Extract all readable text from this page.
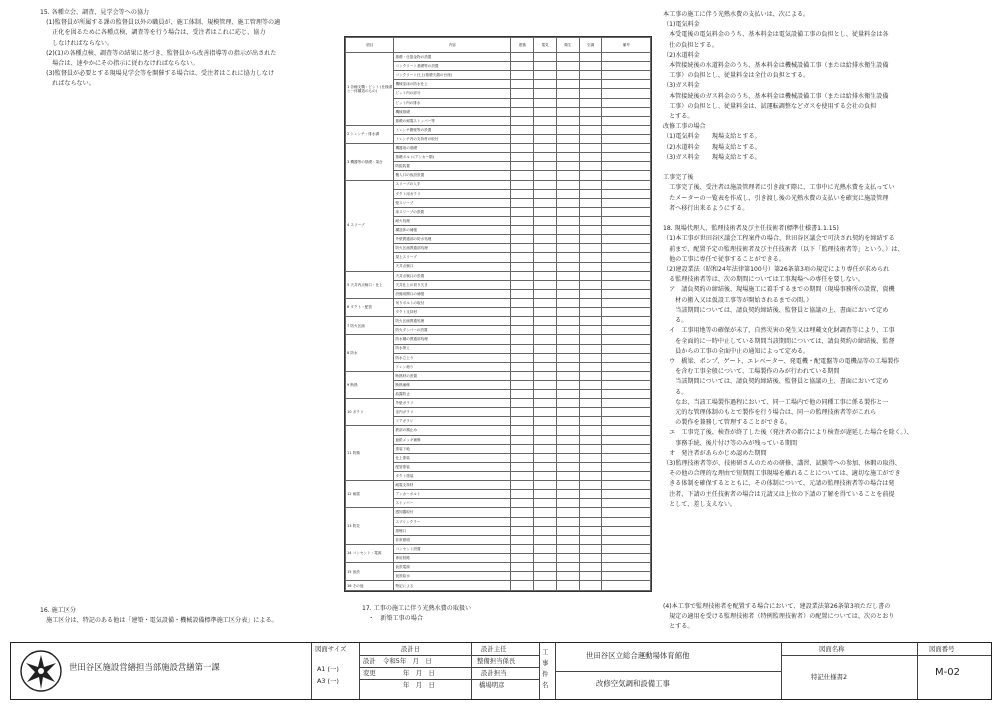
15. 各種立会、調査、見学会等への協力
　(1)監督員が所属する課の監督員以外の職員が、施工体制、規模管理、施工管理等の適
　　正化を図るために各種点検、調査等を行う場合は、受注者はこれに応じ、協力
　　しなければならない。
　(2)(1)の各種点検、調査等の結果に基づき、監督員から改善指導等の指示が出された
　　場合は、速やかにその指示に従わなければならない。
　(3)監督員が必要とする現場見学会等を開催する場合は、受注者はこれに協力しなけ
　　ればならない。
16. 施工区分
　施工区分は、特記のある他は「建築・電気設備・機械設備標準施工区分表」による。
項目	内容	建築	電気	衛生	空調	備考
1 各種支機・ピット (仕様書と一体構造のもの)	基礎・仕掛金物の設置					
	コンクリート基礎等の設置					
	コンクリート仕上(基礎天端の台座)					
	機械室床の防水仕上					
	ピット内の部分					
	ピット内の排水					
	機械基礎					
	基礎の耐震ストッパー等					
2 トレンチ・排水溝	トレンチ側壁等の設置					
	トレンチ内の支持材の取付					
3 機器等の基礎・架台	機器用の基礎					
	基礎ボルト(アンカー類)					
	防振装置					
	搬入口の仮設設置					
4 スリーブ	スリーブの入手					
	ダクト用ガラリ					
	壁スリーブ					
	床スリーブの設置					
	耐火処理					
	構造体の補強					
	外壁貫通部の防水処理					
	防火区画貫通部処理					
	屋上スリーブ					
	天井点検口					
5 天井内点検口・仕上	天井点検口の設置					
	天井仕上の切り欠き					
	設備用開口の補強					
6 ダクト・配管	吊りボルトの取付					
	ダクト支持材					
7 防火区画	防火区画貫通処理					
	防火ダンパーの設置					
8 防水	防水層の貫通部処理					
	防水押え					
	防水立上り					
	ドレン廻り					
9 断熱	断熱材の設置					
	断熱補修					
	結露防止					
10 ガラリ	外壁ガラリ					
	室内ガラリ					
	ドアガラリ					
11 防錆	鉄部の錆止め					
	亜鉛メッキ補修					
	塗装下地					
	仕上塗装					
	配管塗装					
	ダクト塗装					
12 耐震	耐震支持材					
	アンカーボルト					
	ストッパー					
13 防災	感知器取付					
	スプリンクラー					
	排煙口					
	非常照明					
14 コンセント・電源	コンセント設置					
	専用回路					
15 仮設	仮設電源					
	仮設給水					
16 その他	特記による					
17. 工事の施工に伴う光熱水費の取扱い
　・　新築工事の場合
本工事の施工に伴う光熱水費の支払いは、次による。
（1)電気料金
　本受電後の電気料金のうち、基本料金は電気設備工事の負担とし、従量料金は各
　仕の負担とする。
（2)水道料金
　本管接続後の水道料金のうち、基本料金は機械設備工事（または給排水衛生設備
　工事）の負担とし、従量料金は全仕の負担とする。
（3)ガス料金
　本管接続後のガス料金のうち、基本料金は機械設備工事（または給排水衛生設備
　工事）の負担とし、従量料金は、試運転調整などガスを使用する会社の負担
　とする。
改修工事の場合
（1)電気料金　　現場支給とする。
（2)水道料金　　現場支給とする。
（3)ガス料金　　現場支給とする。

工事完了後
　工事完了後、受注者は施設管理者に引き渡す際に、工事中に光熱水費を支払ってい
　たメーターの一覧表を作成し、引き渡し後の光熱水費の支払いを確実に施設管理
　者へ移行出来るようにする。

18. 現場代理人、監理技術者及び主任技術者(標準仕様書1.1.15)
（1)本工事が世田谷区議会工程案件の場合、世田谷区議会で可決され契約を締結する
　前まで、配置予定の監理技術者及び主任技術者（以下「監理技術者等」という。）は、
　他の工事に専任で従事することができる。
（2)建設業法（昭和24年法律第100号）第26条第3項の規定により専任が求められ
　る監理技術者等は、次の期間については工事現場への専任を要しない。
　ア　請負契約の締結後、現場施工に着手するまでの期間（現場事務所の設置、資機
　　材の搬入又は仮設工事等が開始されるまでの間。）
　　当該期間については、請負契約締結後、監督員と協議の上、書面において定め
　　る。
　イ　工事用地等の確保が未了、自然災害の発生又は埋蔵文化財調査等により、工事
　　を全面的に一時中止している期間当該期間については、請負契約の締結後、監督
　　員からの工事の全面中止の通知によって定める。
　ウ　橋梁、ポンプ、ゲート、エレベーター、発電機・配電盤等の電機品等の工場製作
　　を含む工事全般について、工場製作のみが行われている期間
　　当該期間については、請負契約締結後、監督員と協議の上、書面において定め
　　る。
　　なお、当該工場製作過程において、同一工場内で他の同種工事に係る製作と一
　　元的な管理体制のもとで製作を行う場合は、同一の監理技術者等がこれら
　　の製作を兼務して管理することができる。
　エ　工事完了後、検査が終了した後（発注者の都合により検査が遅延した場合を除く。）、
　　事務手続、後片付け等のみが残っている期間
　オ　発注者があらかじめ認めた期間
（3)監理技術者等が、技術研さんのための研修、講習、試験等への参加、休暇の取得、
　その他の合理的な理由で短期間工事現場を離れることについては、適切な施工ができ
　きる体制を確保するとともに、その体制について、元請の監理技術者等の場合は発
　注者、下請の主任技術者の場合は元請又は上位の下請の了解を得ていることを前提
　として、差し支えない。
(4)本工事で監理技術者を配置する場合において、建設業法第26条第3項ただし書の
　規定の適用を受ける監理技術者（特例監理技術者）の配置については、次のとおり
　とする。
世田谷区施設営繕担当部施設営繕第一課
図面サイズ
A1 (一)
A3 (一)
設計日
設計 令和5年　月　日
変更	年　月　日
年　月　日
設計主任
整備担当係長
設計担当
橋場明彦
工事件名
世田谷区立総合運動場体育館他
改修空気調和設備工事
図面名称
特記仕様書2
図面番号
M-02
